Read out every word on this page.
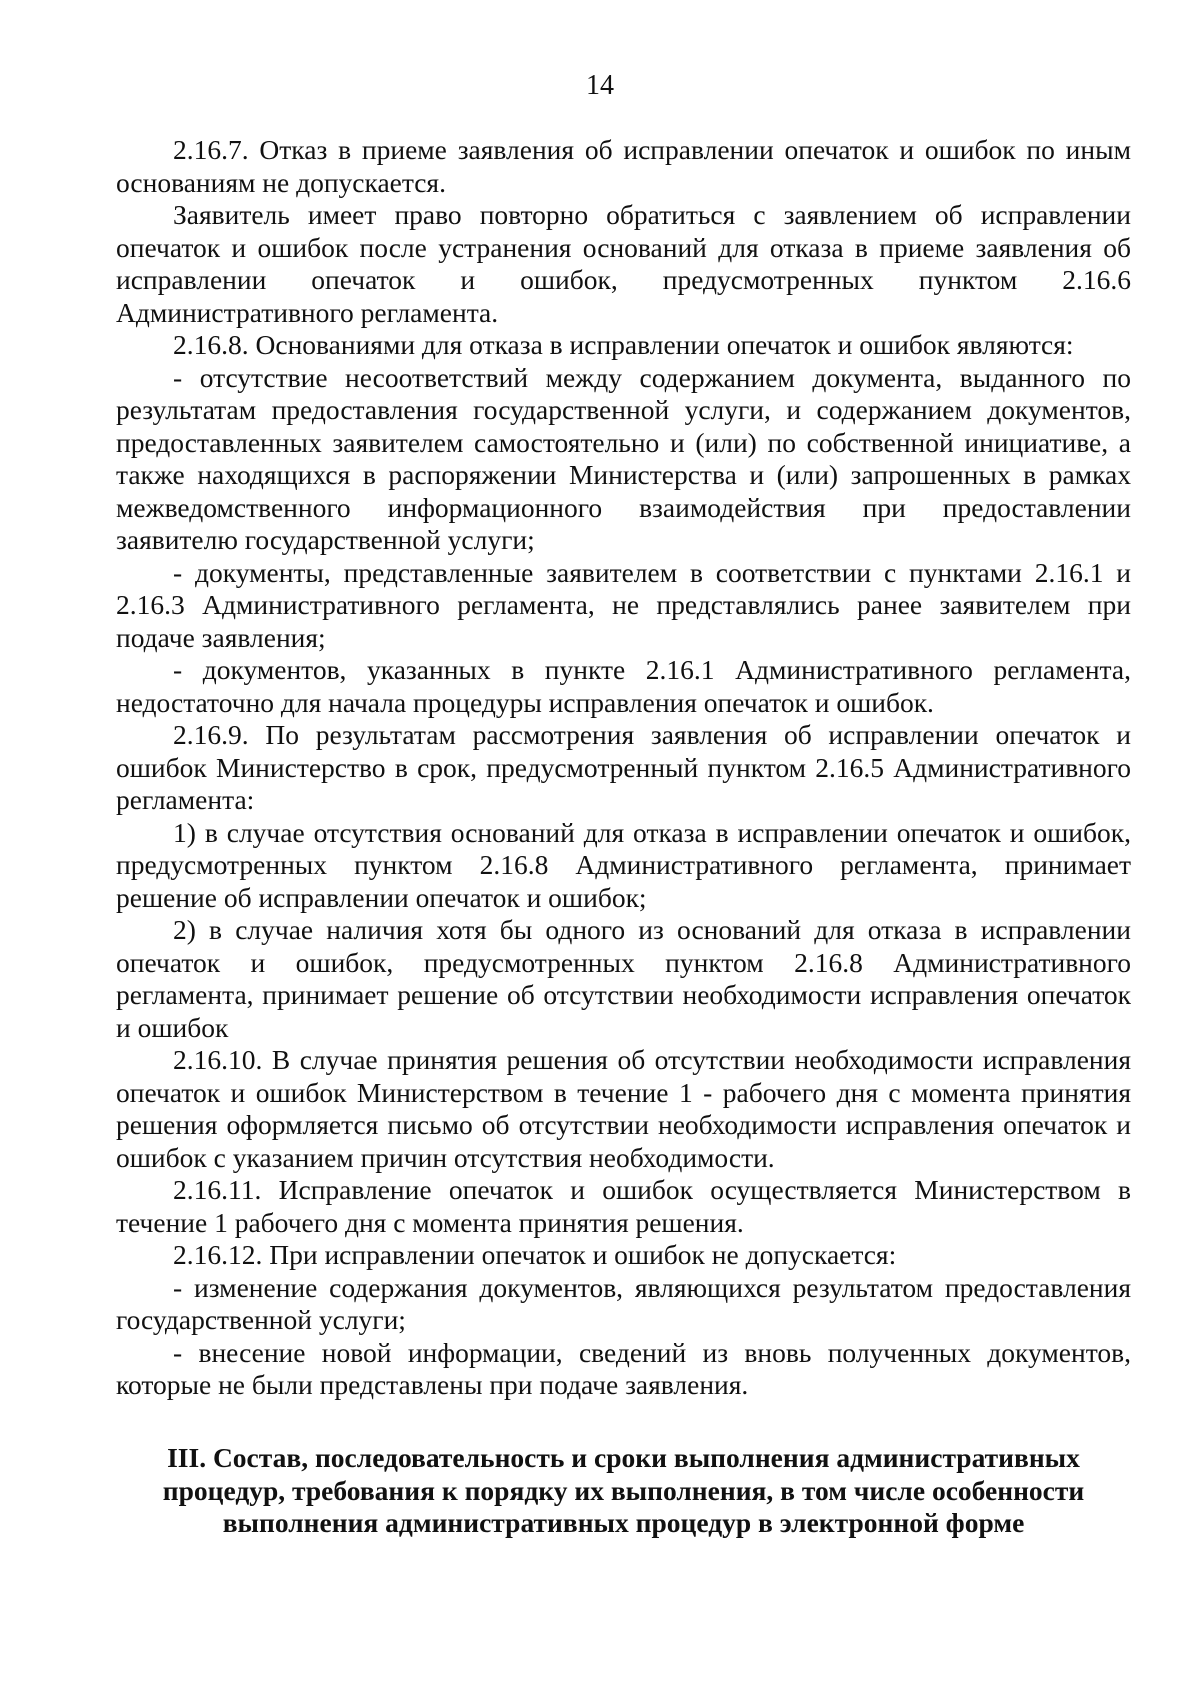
14

2.16.7. Отказ в приеме заявления об исправлении опечаток и ошибок по иным основаниям не допускается.

Заявитель имеет право повторно обратиться с заявлением об исправлении опечаток и ошибок после устранения оснований для отказа в приеме заявления об исправлении опечаток и ошибок, предусмотренных пунктом 2.16.6 Административного регламента.

2.16.8. Основаниями для отказа в исправлении опечаток и ошибок являются:

- отсутствие несоответствий между содержанием документа, выданного по результатам предоставления государственной услуги, и содержанием документов, предоставленных заявителем самостоятельно и (или) по собственной инициативе, а также находящихся в распоряжении Министерства и (или) запрошенных в рамках межведомственного информационного взаимодействия при предоставлении заявителю государственной услуги;

- документы, представленные заявителем в соответствии с пунктами 2.16.1 и 2.16.3 Административного регламента, не представлялись ранее заявителем при подаче заявления;

- документов, указанных в пункте 2.16.1 Административного регламента, недостаточно для начала процедуры исправления опечаток и ошибок.

2.16.9. По результатам рассмотрения заявления об исправлении опечаток и ошибок Министерство в срок, предусмотренный пунктом 2.16.5 Административного регламента:

1) в случае отсутствия оснований для отказа в исправлении опечаток и ошибок, предусмотренных пунктом 2.16.8 Административного регламента, принимает решение об исправлении опечаток и ошибок;

2) в случае наличия хотя бы одного из оснований для отказа в исправлении опечаток и ошибок, предусмотренных пунктом 2.16.8 Административного регламента, принимает решение об отсутствии необходимости исправления опечаток и ошибок

2.16.10. В случае принятия решения об отсутствии необходимости исправления опечаток и ошибок Министерством в течение 1 - рабочего дня с момента принятия решения оформляется письмо об отсутствии необходимости исправления опечаток и ошибок с указанием причин отсутствия необходимости.

2.16.11. Исправление опечаток и ошибок осуществляется Министерством в течение 1 рабочего дня с момента принятия решения.

2.16.12. При исправлении опечаток и ошибок не допускается:

- изменение содержания документов, являющихся результатом предоставления государственной услуги;

- внесение новой информации, сведений из вновь полученных документов, которые не были представлены при подаче заявления.

III. Состав, последовательность и сроки выполнения административных
процедур, требования к порядку их выполнения, в том числе особенности
выполнения административных процедур в электронной форме
